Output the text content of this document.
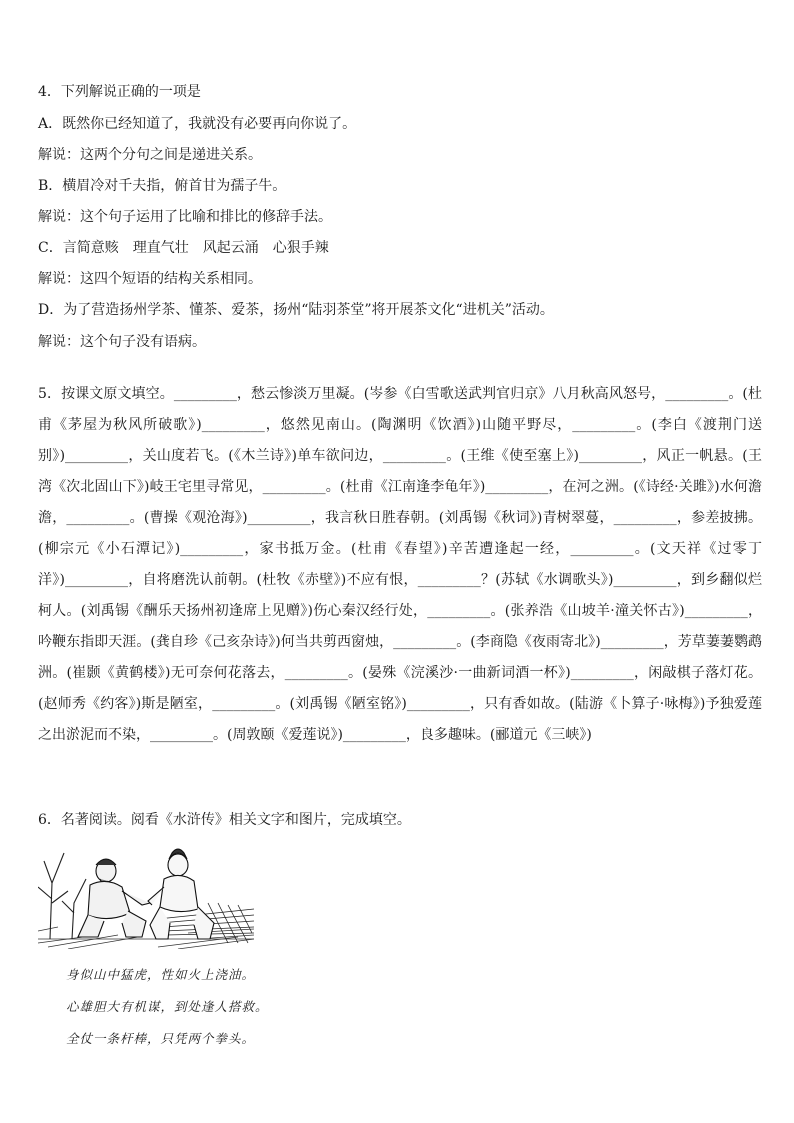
4．下列解说正确的一项是
A．既然你已经知道了，我就没有必要再向你说了。
解说：这两个分句之间是递进关系。
B．横眉冷对千夫指，俯首甘为孺子牛。
解说：这个句子运用了比喻和排比的修辞手法。
C．言简意赅　理直气壮　风起云涌　心狠手辣
解说：这四个短语的结构关系相同。
D．为了营造扬州学茶、懂茶、爱茶，扬州“陆羽茶堂”将开展茶文化“进机关”活动。
解说：这个句子没有语病。
5．按课文原文填空。_________，愁云惨淡万里凝。(岑参《白雪歌送武判官归京》八月秋高风怒号，_________。(杜甫《茅屋为秋风所破歌》)_________，悠然见南山。(陶渊明《饮酒》)山随平野尽，_________。(李白《渡荆门送别》)_________，关山度若飞。(《木兰诗》)单车欲问边，_________。(王维《使至塞上》)_________，风正一帆悬。(王湾《次北固山下》)岐王宅里寻常见，_________。(杜甫《江南逢李龟年》)_________，在河之洲。(《诗经·关雎》)水何澹澹，_________。(曹操《观沧海》)_________，我言秋日胜春朝。(刘禹锡《秋词》)青树翠蔓，_________，参差披拂。(柳宗元《小石潭记》)_________，家书抵万金。(杜甫《春望》)辛苦遭逢起一经，_________。(文天祥《过零丁洋》)_________，自将磨洗认前朝。(杜牧《赤壁》)不应有恨，_________？(苏轼《水调歌头》)_________，到乡翻似烂柯人。(刘禹锡《酬乐天扬州初逢席上见赠》)伤心秦汉经行处，_________。(张养浩《山坡羊·潼关怀古》)_________，吟鞭东指即天涯。(龚自珍《己亥杂诗》)何当共剪西窗烛，_________。(李商隐《夜雨寄北》)_________，芳草萋萋鹦鹉洲。(崔颢《黄鹤楼》)无可奈何花落去，_________。(晏殊《浣溪沙·一曲新词酒一杯》)_________，闲敲棋子落灯花。(赵师秀《约客》)斯是陋室，_________。(刘禹锡《陋室铭》)_________，只有香如故。(陆游《卜算子·咏梅》)予独爱莲之出淤泥而不染，_________。(周敦颐《爱莲说》)_________，良多趣味。(郦道元《三峡》)
6．名著阅读。阅看《水浒传》相关文字和图片，完成填空。
身似山中猛虎，性如火上浇油。
心雄胆大有机谋，到处逢人搭救。
全仗一条杆棒，只凭两个拳头。
